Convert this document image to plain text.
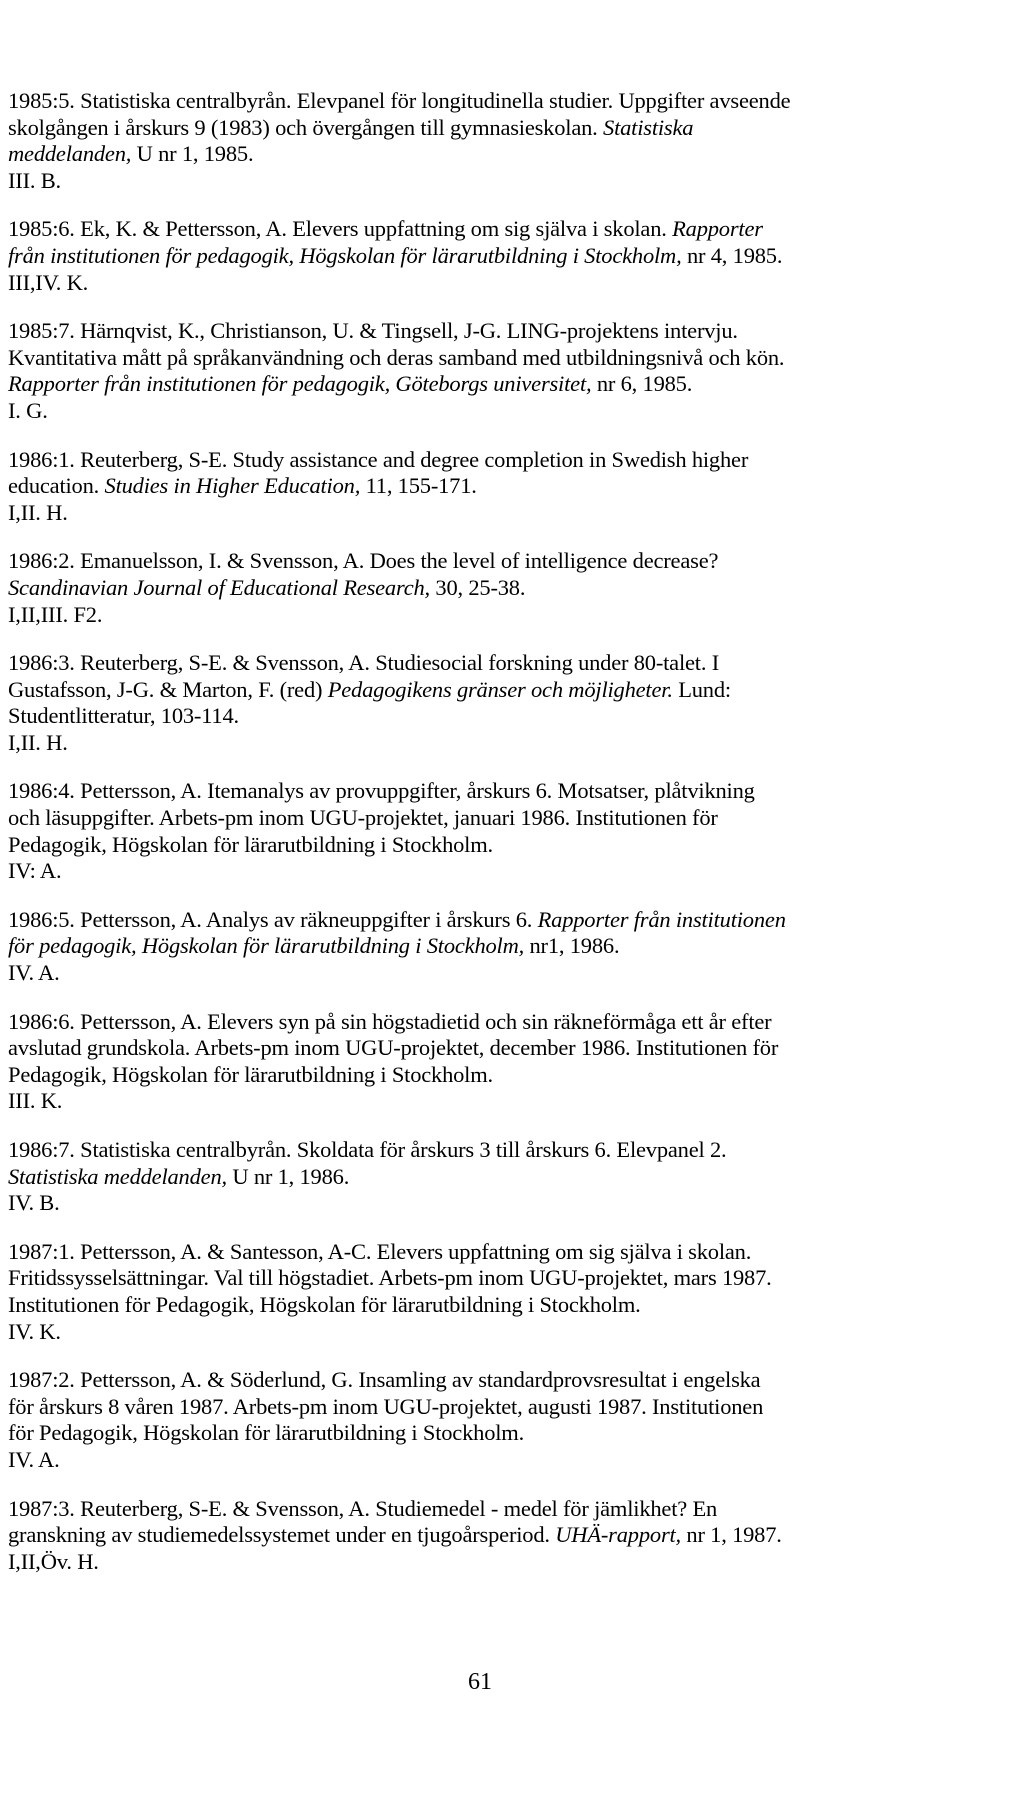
1985:5. Statistiska centralbyrån. Elevpanel för longitudinella studier. Uppgifter avseende
skolgången i årskurs 9 (1983) och övergången till gymnasieskolan. Statistiska
meddelanden, U nr 1, 1985.
III. B.
1985:6. Ek, K. & Pettersson, A. Elevers uppfattning om sig själva i skolan. Rapporter
från institutionen för pedagogik, Högskolan för lärarutbildning i Stockholm, nr 4, 1985.
III,IV. K.
1985:7. Härnqvist, K., Christianson, U. & Tingsell, J-G. LING-projektens intervju.
Kvantitativa mått på språkanvändning och deras samband med utbildningsnivå och kön.
Rapporter från institutionen för pedagogik, Göteborgs universitet, nr 6, 1985.
I. G.
1986:1. Reuterberg, S-E. Study assistance and degree completion in Swedish higher
education. Studies in Higher Education, 11, 155-171.
I,II. H.
1986:2. Emanuelsson, I. & Svensson, A. Does the level of intelligence decrease?
Scandinavian Journal of Educational Research, 30, 25-38.
I,II,III. F2.
1986:3. Reuterberg, S-E. & Svensson, A. Studiesocial forskning under 80-talet. I
Gustafsson, J-G. & Marton, F. (red) Pedagogikens gränser och möjligheter. Lund:
Studentlitteratur, 103-114.
I,II. H.
1986:4. Pettersson, A. Itemanalys av provuppgifter, årskurs 6. Motsatser, plåtvikning
och läsuppgifter. Arbets-pm inom UGU-projektet, januari 1986. Institutionen för
Pedagogik, Högskolan för lärarutbildning i Stockholm.
IV: A.
1986:5. Pettersson, A. Analys av räkneuppgifter i årskurs 6. Rapporter från institutionen
för pedagogik, Högskolan för lärarutbildning i Stockholm, nr1, 1986.
IV. A.
1986:6. Pettersson, A. Elevers syn på sin högstadietid och sin räkneförmåga ett år efter
avslutad grundskola. Arbets-pm inom UGU-projektet, december 1986. Institutionen för
Pedagogik, Högskolan för lärarutbildning i Stockholm.
III. K.
1986:7. Statistiska centralbyrån. Skoldata för årskurs 3 till årskurs 6. Elevpanel 2.
Statistiska meddelanden, U nr 1, 1986.
IV. B.
1987:1. Pettersson, A. & Santesson, A-C. Elevers uppfattning om sig själva i skolan.
Fritidssysselsättningar. Val till högstadiet. Arbets-pm inom UGU-projektet, mars 1987.
Institutionen för Pedagogik, Högskolan för lärarutbildning i Stockholm.
IV. K.
1987:2. Pettersson, A. & Söderlund, G. Insamling av standardprovsresultat i engelska
för årskurs 8 våren 1987. Arbets-pm inom UGU-projektet, augusti 1987. Institutionen
för Pedagogik, Högskolan för lärarutbildning i Stockholm.
IV. A.
1987:3. Reuterberg, S-E. & Svensson, A. Studiemedel - medel för jämlikhet? En
granskning av studiemedelssystemet under en tjugoårsperiod. UHÄ-rapport, nr 1, 1987.
I,II,Öv. H.
61
